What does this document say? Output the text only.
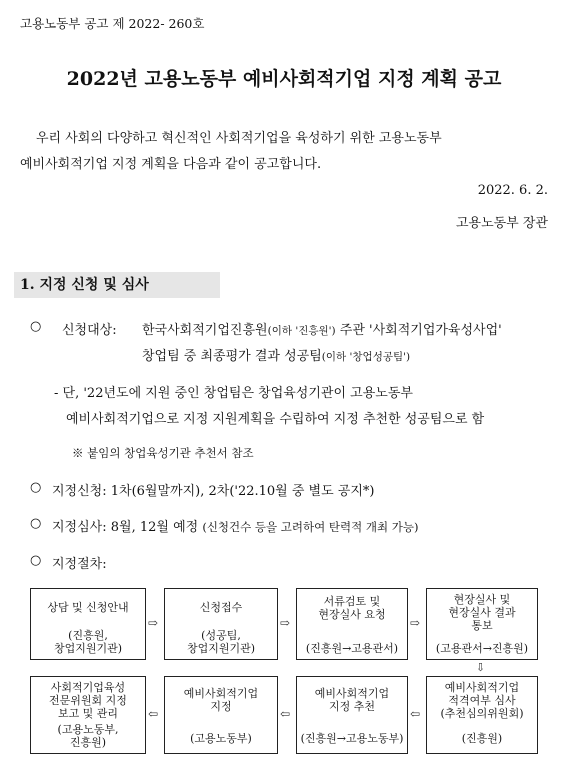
고용노동부 공고 제 2022- 260호
2022년 고용노동부 예비사회적기업 지정 계획 공고
우리 사회의 다양하고 혁신적인 사회적기업을 육성하기 위한 고용노동부
예비사회적기업 지정 계획을 다음과 같이 공고합니다.
2022. 6. 2.
고용노동부 장관
1. 지정 신청 및 심사
○ 신청대상: 한국사회적기업진흥원(이하 '진흥원') 주관 '사회적기업가육성사업'
창업팀 중 최종평가 결과 성공팀(이하 '창업성공팀')
- 단, '22년도에 지원 중인 창업팀은 창업육성기관이 고용노동부
예비사회적기업으로 지정 지원계획을 수립하여 지정 추천한 성공팀으로 함
※ 붙임의 창업육성기관 추천서 참조
○ 지정신청: 1차(6월말까지), 2차('22.10월 중 별도 공지*)
○ 지정심사: 8월, 12월 예정 (신청건수 등을 고려하여 탄력적 개최 가능)
○ 지정절차:
상담 및 신청안내
(진흥원,
창업지원기관)
⇨
신청접수
(성공팀,
창업지원기관)
⇨
서류검토 및
현장실사 요청
(진흥원→고용관서)
⇨
현장실사 및
현장실사 결과
통보
(고용관서→진흥원)
⇩
사회적기업육성
전문위원회 지정
보고 및 관리
(고용노동부,
진흥원)
⇦
예비사회적기업
지정
(고용노동부)
⇦
예비사회적기업
지정 추천
(진흥원→고용노동부)
⇦
예비사회적기업
적격여부 심사
(추천심의위원회)
(진흥원)
